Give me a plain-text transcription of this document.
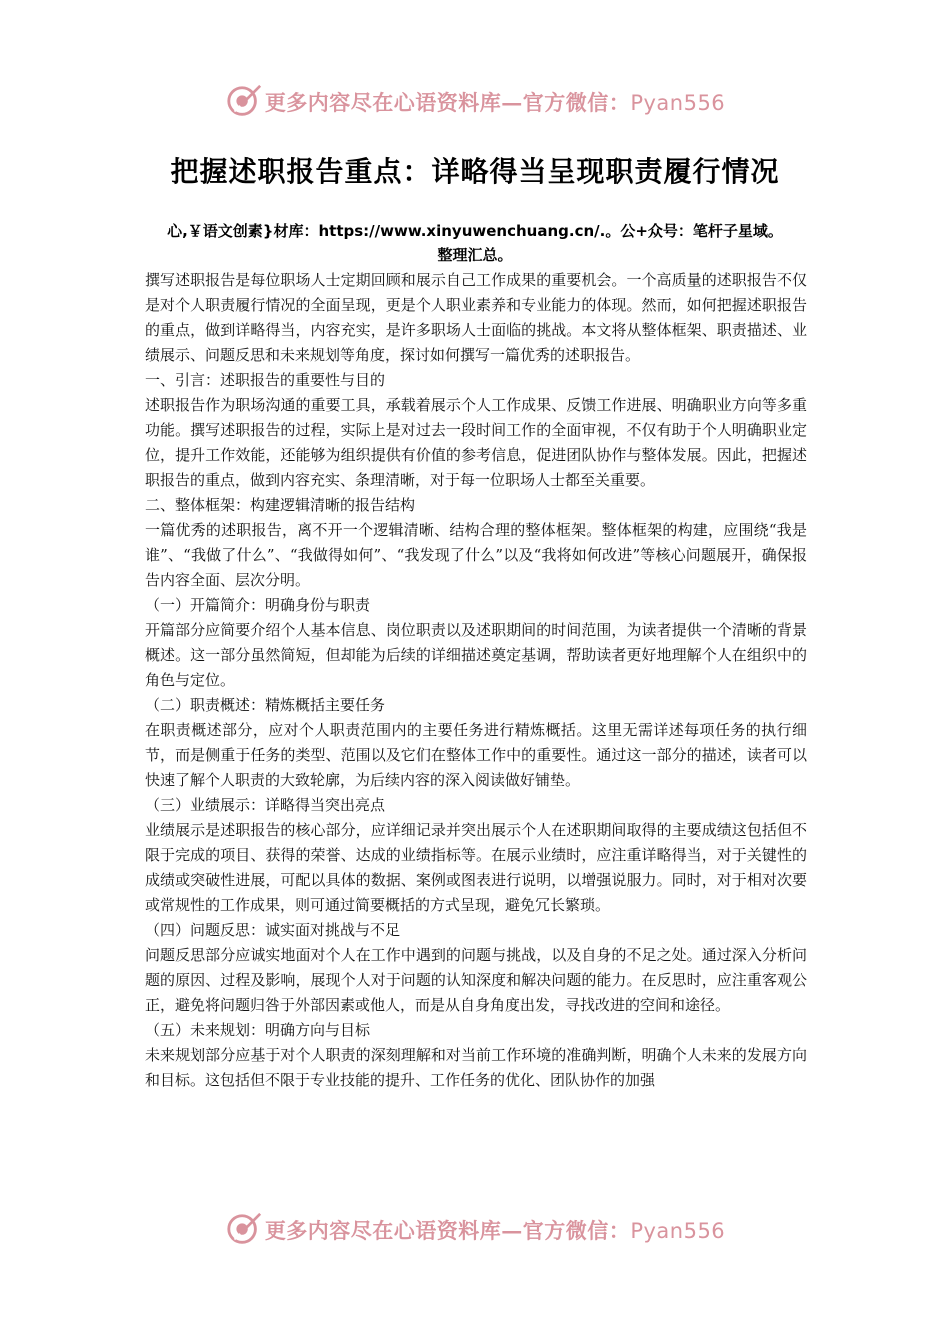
更多内容尽在心语资料库—官方微信：Pyan556
把握述职报告重点：详略得当呈现职责履行情况
心,￥语文创素}材库：https://www.xinyuwenchuang.cn/.。公+众号：笔杆子星域。
整理汇总。

撰写述职报告是每位职场人士定期回顾和展示自己工作成果的重要机会。一个高质量的述职报告不仅是对个人职责履行情况的全面呈现，更是个人职业素养和专业能力的体现。然而，如何把握述职报告的重点，做到详略得当，内容充实，是许多职场人士面临的挑战。本文将从整体框架、职责描述、业绩展示、问题反思和未来规划等角度，探讨如何撰写一篇优秀的述职报告。

一、引言：述职报告的重要性与目的

述职报告作为职场沟通的重要工具，承载着展示个人工作成果、反馈工作进展、明确职业方向等多重功能。撰写述职报告的过程，实际上是对过去一段时间工作的全面审视，不仅有助于个人明确职业定位，提升工作效能，还能够为组织提供有价值的参考信息，促进团队协作与整体发展。因此，把握述职报告的重点，做到内容充实、条理清晰，对于每一位职场人士都至关重要。

二、整体框架：构建逻辑清晰的报告结构

一篇优秀的述职报告，离不开一个逻辑清晰、结构合理的整体框架。整体框架的构建，应围绕“我是谁”、“我做了什么”、“我做得如何”、“我发现了什么”以及“我将如何改进”等核心问题展开，确保报告内容全面、层次分明。

（一）开篇简介：明确身份与职责

开篇部分应简要介绍个人基本信息、岗位职责以及述职期间的时间范围，为读者提供一个清晰的背景概述。这一部分虽然简短，但却能为后续的详细描述奠定基调，帮助读者更好地理解个人在组织中的角色与定位。

（二）职责概述：精炼概括主要任务

在职责概述部分，应对个人职责范围内的主要任务进行精炼概括。这里无需详述每项任务的执行细节，而是侧重于任务的类型、范围以及它们在整体工作中的重要性。通过这一部分的描述，读者可以快速了解个人职责的大致轮廓，为后续内容的深入阅读做好铺垫。

（三）业绩展示：详略得当突出亮点

业绩展示是述职报告的核心部分，应详细记录并突出展示个人在述职期间取得的主要成绩这包括但不限于完成的项目、获得的荣誉、达成的业绩指标等。在展示业绩时，应注重详略得当，对于关键性的成绩或突破性进展，可配以具体的数据、案例或图表进行说明，以增强说服力。同时，对于相对次要或常规性的工作成果，则可通过简要概括的方式呈现，避免冗长繁琐。

（四）问题反思：诚实面对挑战与不足

问题反思部分应诚实地面对个人在工作中遇到的问题与挑战，以及自身的不足之处。通过深入分析问题的原因、过程及影响，展现个人对于问题的认知深度和解决问题的能力。在反思时，应注重客观公正，避免将问题归咎于外部因素或他人，而是从自身角度出发，寻找改进的空间和途径。

（五）未来规划：明确方向与目标

未来规划部分应基于对个人职责的深刻理解和对当前工作环境的准确判断，明确个人未来的发展方向和目标。这包括但不限于专业技能的提升、工作任务的优化、团队协作的加强

更多内容尽在心语资料库—官方微信：Pyan556
